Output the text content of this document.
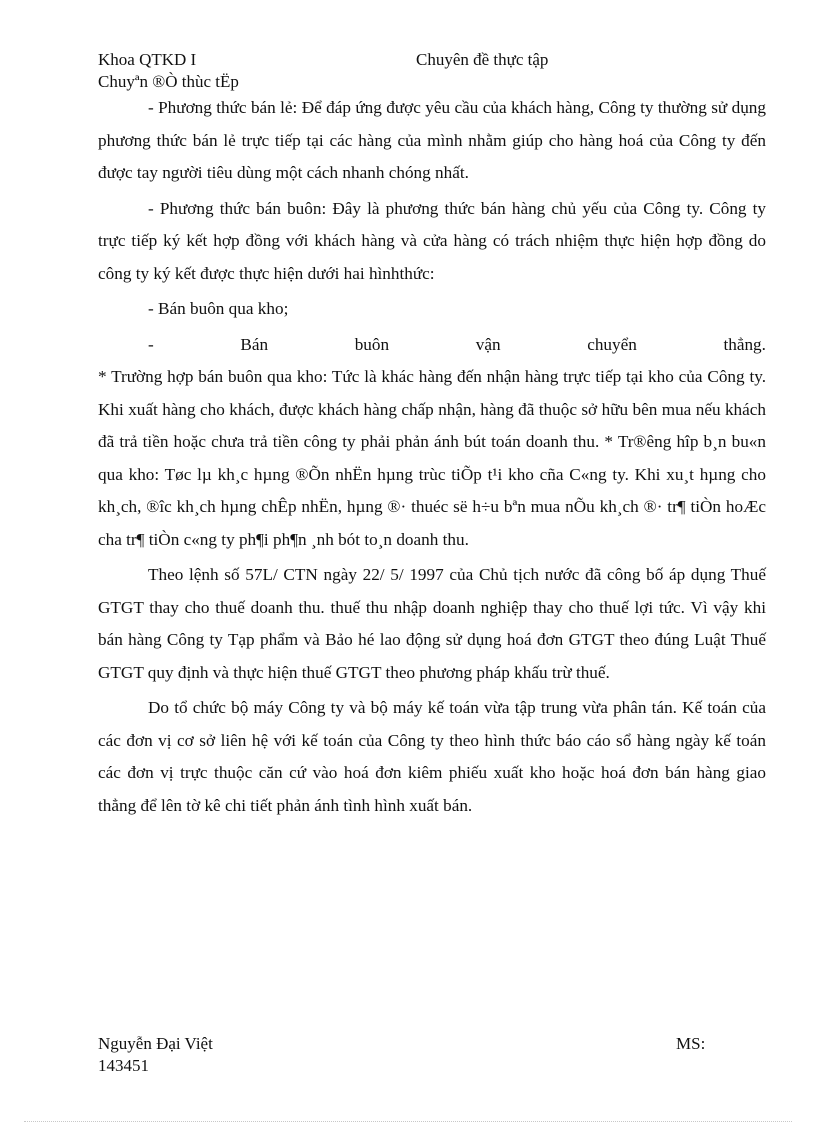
Khoa QTKD I	Chuyên đề thực tập
Chuyªn ®Ò thùc tËp

- Phương thức bán lẻ: Để đáp ứng được yêu cầu của khách hàng, Công ty thường sử dụng phương thức bán lẻ trực tiếp tại các hàng của mình nhằm giúp cho hàng hoá của Công ty đến được tay người tiêu dùng một cách nhanh chóng nhất.

- Phương thức bán buôn: Đây là phương thức bán hàng chủ yếu của Công ty. Công ty trực tiếp ký kết hợp đồng với khách hàng và cửa hàng có trách nhiệm thực hiện hợp đồng do công ty ký kết được thực hiện dưới hai hìnhthức:

- Bán buôn qua kho;

-	Bán	buôn	vận	chuyển	thẳng.

* Trường hợp bán buôn qua kho: Tức là khác hàng đến nhận hàng trực tiếp tại kho của Công ty. Khi xuất hàng cho khách, được khách hàng chấp nhận, hàng đã thuộc sở hữu bên mua nếu khách đã trả tiền hoặc chưa trả tiền công ty phải phản ánh bút toán doanh thu. * Tr®êng hîp b¸n bu«n qua kho: Tøc lµ kh¸c hµng ®Õn nhËn hµng trùc tiÕp t¹i kho cña C«ng ty. Khi xu¸t hµng cho kh¸ch, ®îc kh¸ch hµng chÊp nhËn, hµng ®· thuéc së h÷u bªn mua nÕu kh¸ch ®· tr¶ tiÒn hoÆc cha tr¶ tiÒn c«ng ty ph¶i ph¶n ¸nh bót to¸n doanh thu.

Theo lệnh số 57L/ CTN ngày 22/ 5/ 1997 của Chủ tịch nước đã công bố áp dụng Thuế GTGT thay cho thuế doanh thu. thuế thu nhập doanh nghiệp thay cho thuế lợi tức. Vì vậy khi bán hàng Công ty Tạp phẩm và Bảo hé lao động sử dụng hoá đơn GTGT theo đúng Luật Thuế GTGT quy định và thực hiện thuế GTGT theo phương pháp khấu trừ thuế.

Do tổ chức bộ máy Công ty và bộ máy kế toán vừa tập trung vừa phân tán. Kế toán của các đơn vị cơ sở liên hệ với kế toán của Công ty theo hình thức báo cáo sổ hàng ngày kế toán các đơn vị trực thuộc căn cứ vào hoá đơn kiêm phiếu xuất kho hoặc hoá đơn bán hàng giao thẳng để lên tờ kê chi tiết phản ánh tình hình xuất bán.

Nguyễn Đại Việt	MS:
143451
